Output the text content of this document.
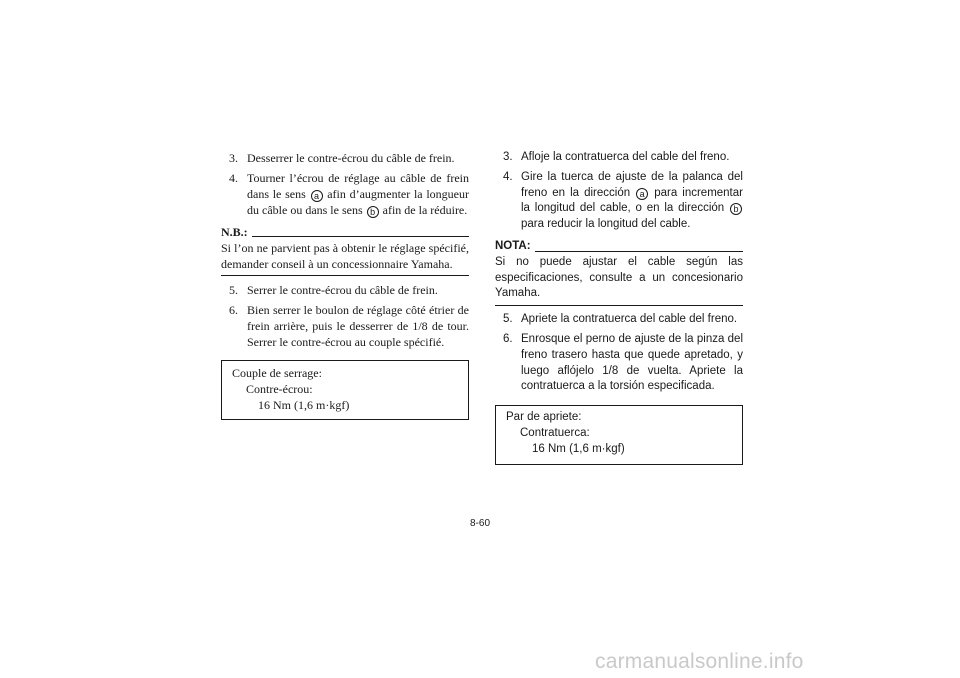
3. Desserrer le contre-écrou du câble de frein.
4. Tourner l’écrou de réglage au câble de frein dans le sens a afin d’augmenter la longueur du câble ou dans le sens b afin de la réduire.
N.B.:
Si l’on ne parvient pas à obtenir le réglage spécifié, demander conseil à un concessionnaire Yamaha.
5. Serrer le contre-écrou du câble de frein.
6. Bien serrer le boulon de réglage côté étrier de frein arrière, puis le desserrer de 1/8 de tour. Serrer le contre-écrou au couple spécifié.
Couple de serrage:
Contre-écrou:
16 Nm (1,6 m·kgf)
3. Afloje la contratuerca del cable del freno.
4. Gire la tuerca de ajuste de la palanca del freno en la dirección a para incrementar la longitud del cable, o en la dirección b para reducir la longitud del cable.
NOTA:
Si no puede ajustar el cable según las especificaciones, consulte a un concesionario Yamaha.
5. Apriete la contratuerca del cable del freno.
6. Enrosque el perno de ajuste de la pinza del freno trasero hasta que quede apretado, y luego aflójelo 1/8 de vuelta. Apriete la contratuerca a la torsión especificada.
Par de apriete:
Contratuerca:
16 Nm (1,6 m·kgf)
8-60
carmanualsonline.info
